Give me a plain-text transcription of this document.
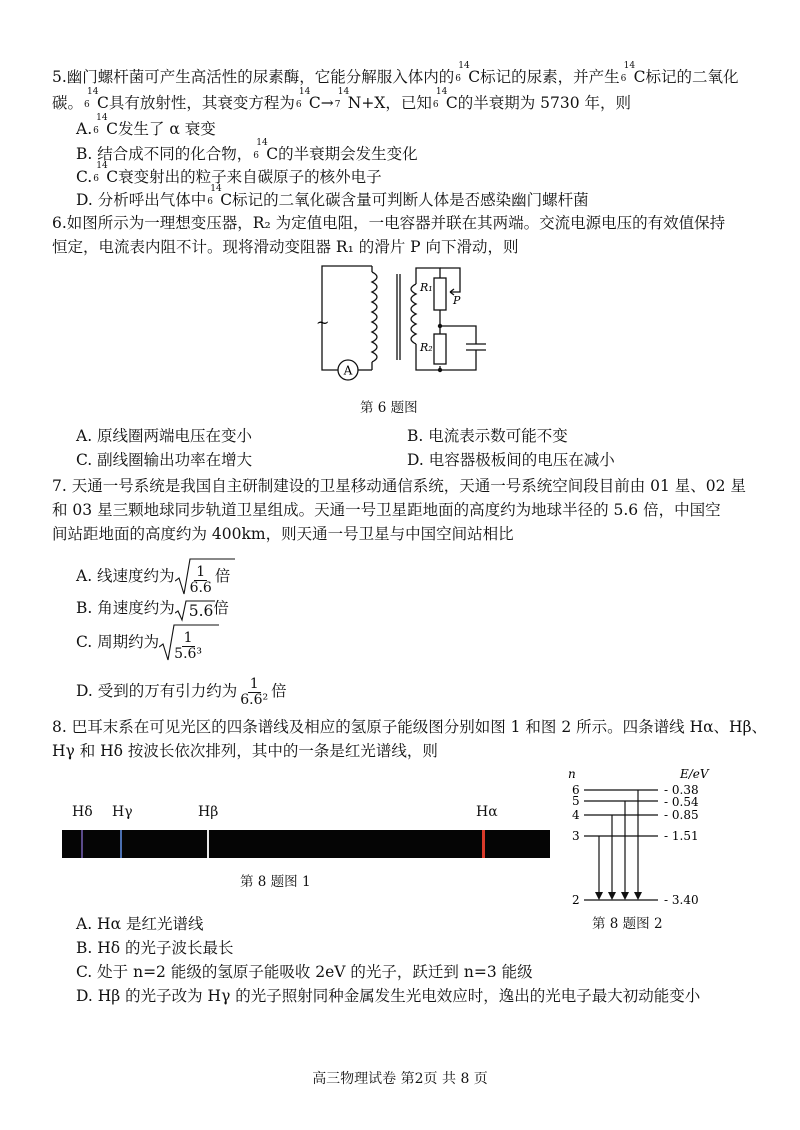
5.幽门螺杆菌可产生高活性的尿素酶，它能分解服入体内的
14
6 C标记的尿素，并产生
14
6 C标记的二氧化
碳。
14
6 C具有放射性，其衰变方程为
14
6 C→
14
7 N+X，已知
14
6 C的半衰期为 5730 年，则
A.
14
6 C发生了 α 衰变
B. 结合成不同的化合物，
14
6 C的半衰期会发生变化
C.
14
6 C衰变射出的粒子来自碳原子的核外电子
D. 分析呼出气体中
14
6 C标记的二氧化碳含量可判断人体是否感染幽门螺杆菌
6.如图所示为一理想变压器，R₂ 为定值电阻，一电容器并联在其两端。交流电源电压的有效值保持
恒定，电流表内阻不计。现将滑动变阻器 R₁ 的滑片 P 向下滑动，则
A
~
R₁
R₂
P
第 6 题图
A. 原线圈两端电压在变小	B. 电流表示数可能不变
C. 副线圈输出功率在增大	D. 电容器极板间的电压在减小
7. 天通一号系统是我国自主研制建设的卫星移动通信系统，天通一号系统空间段目前由 01 星、02 星
和 03 星三颗地球同步轨道卫星组成。天通一号卫星距地面的高度约为地球半径的 5.6 倍，中国空
间站距地面的高度约为 400km，则天通一号卫星与中国空间站相比
A. 线速度约为 $\frac{1}{6.6}$ 倍
B. 角速度约为 5.6倍
C. 周期约为 $\frac{1}{\text{5.6³}}$
D. 受到的万有引力约为 $\frac{1}{\text{6.6²}}$ 倍
8. 巴耳末系在可见光区的四条谱线及相应的氢原子能级图分别如图 1 和图 2 所示。四条谱线 Hα、Hβ、
Hγ 和 Hδ 按波长依次排列，其中的一条是红光谱线，则
Hδ Hγ	Hβ	Hα
第 8 题图 1
n	E/eV
6
5
4
3
2
- 0.38
- 0.54
- 0.85
- 1.51
- 3.40
第 8 题图 2
A. Hα 是红光谱线
B. Hδ 的光子波长最长
C. 处于 n=2 能级的氢原子能吸收 2eV 的光子，跃迁到 n=3 能级
D. Hβ 的光子改为 Hγ 的光子照射同种金属发生光电效应时，逸出的光电子最大初动能变小
高三物理试卷 第2页 共 8 页
